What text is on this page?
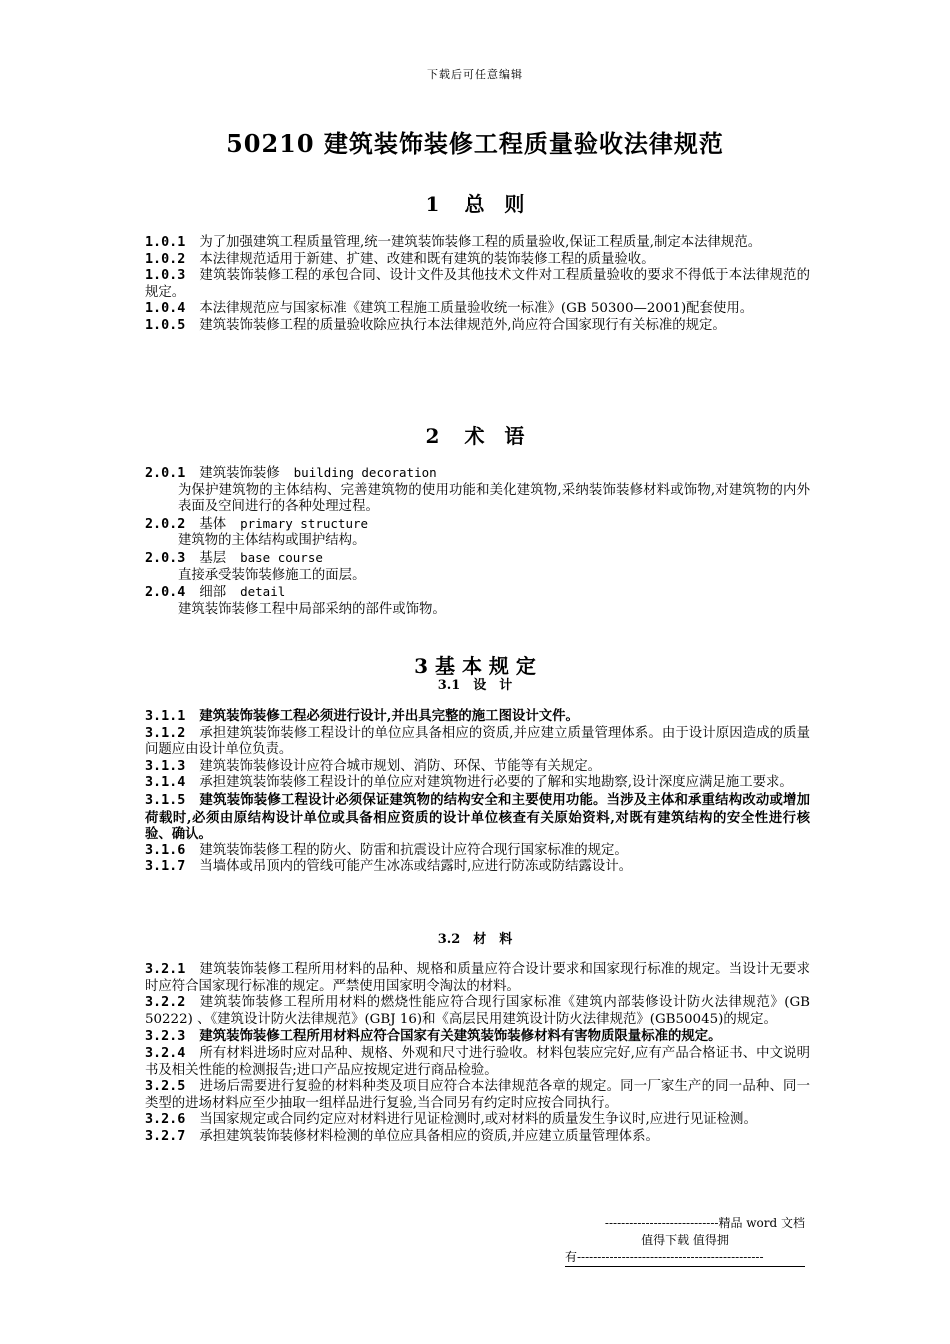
下载后可任意编辑
50210 建筑装饰装修工程质量验收法律规范
1 总　则

1.0.1 为了加强建筑工程质量管理,统一建筑装饰装修工程的质量验收,保证工程质量,制定本法律规范。

1.0.2 本法律规范适用于新建、扩建、改建和既有建筑的装饰装修工程的质量验收。

1.0.3 建筑装饰装修工程的承包合同、设计文件及其他技术文件对工程质量验收的要求不得低于本法律规范的规定。

1.0.4 本法律规范应与国家标准《建筑工程施工质量验收统一标准》(GB 50300—2001)配套使用。

1.0.5 建筑装饰装修工程的质量验收除应执行本法律规范外,尚应符合国家现行有关标准的规定。

2 术　语

2.0.1 建筑装饰装修 building decoration

为保护建筑物的主体结构、完善建筑物的使用功能和美化建筑物,采纳装饰装修材料或饰物,对建筑物的内外表面及空间进行的各种处理过程。

2.0.2 基体 primary structure

建筑物的主体结构或围护结构。

2.0.3 基层 base course

直接承受装饰装修施工的面层。

2.0.4 细部 detail

建筑装饰装修工程中局部采纳的部件或饰物。

3 基 本 规 定
3.1　设　计

3.1.1 建筑装饰装修工程必须进行设计,并出具完整的施工图设计文件。

3.1.2 承担建筑装饰装修工程设计的单位应具备相应的资质,并应建立质量管理体系。由于设计原因造成的质量问题应由设计单位负责。

3.1.3 建筑装饰装修设计应符合城市规划、消防、环保、节能等有关规定。

3.1.4 承担建筑装饰装修工程设计的单位应对建筑物进行必要的了解和实地勘察,设计深度应满足施工要求。

3.1.5 建筑装饰装修工程设计必须保证建筑物的结构安全和主要使用功能。当涉及主体和承重结构改动或增加荷载时,必须由原结构设计单位或具备相应资质的设计单位核查有关原始资料,对既有建筑结构的安全性进行核验、确认。

3.1.6 建筑装饰装修工程的防火、防雷和抗震设计应符合现行国家标准的规定。

3.1.7 当墙体或吊顶内的管线可能产生冰冻或结露时,应进行防冻或防结露设计。

3.2　材　料

3.2.1 建筑装饰装修工程所用材料的品种、规格和质量应符合设计要求和国家现行标准的规定。当设计无要求时应符合国家现行标准的规定。严禁使用国家明令淘汰的材料。

3.2.2 建筑装饰装修工程所用材料的燃烧性能应符合现行国家标准《建筑内部装修设计防火法律规范》(GB 50222) 、《建筑设计防火法律规范》(GBJ 16)和《高层民用建筑设计防火法律规范》(GB50045)的规定。

3.2.3 建筑装饰装修工程所用材料应符合国家有关建筑装饰装修材料有害物质限量标准的规定。

3.2.4 所有材料进场时应对品种、规格、外观和尺寸进行验收。材料包装应完好,应有产品合格证书、中文说明书及相关性能的检测报告;进口产品应按规定进行商品检验。

3.2.5 进场后需要进行复验的材料种类及项目应符合本法律规范各章的规定。同一厂家生产的同一品种、同一类型的进场材料应至少抽取一组样品进行复验,当合同另有约定时应按合同执行。

3.2.6 当国家规定或合同约定应对材料进行见证检测时,或对材料的质量发生争议时,应进行见证检测。

3.2.7 承担建筑装饰装修材料检测的单位应具备相应的资质,并应建立质量管理体系。

----------------------------精品 word 文档
值得下载 值得拥
有----------------------------------------------
